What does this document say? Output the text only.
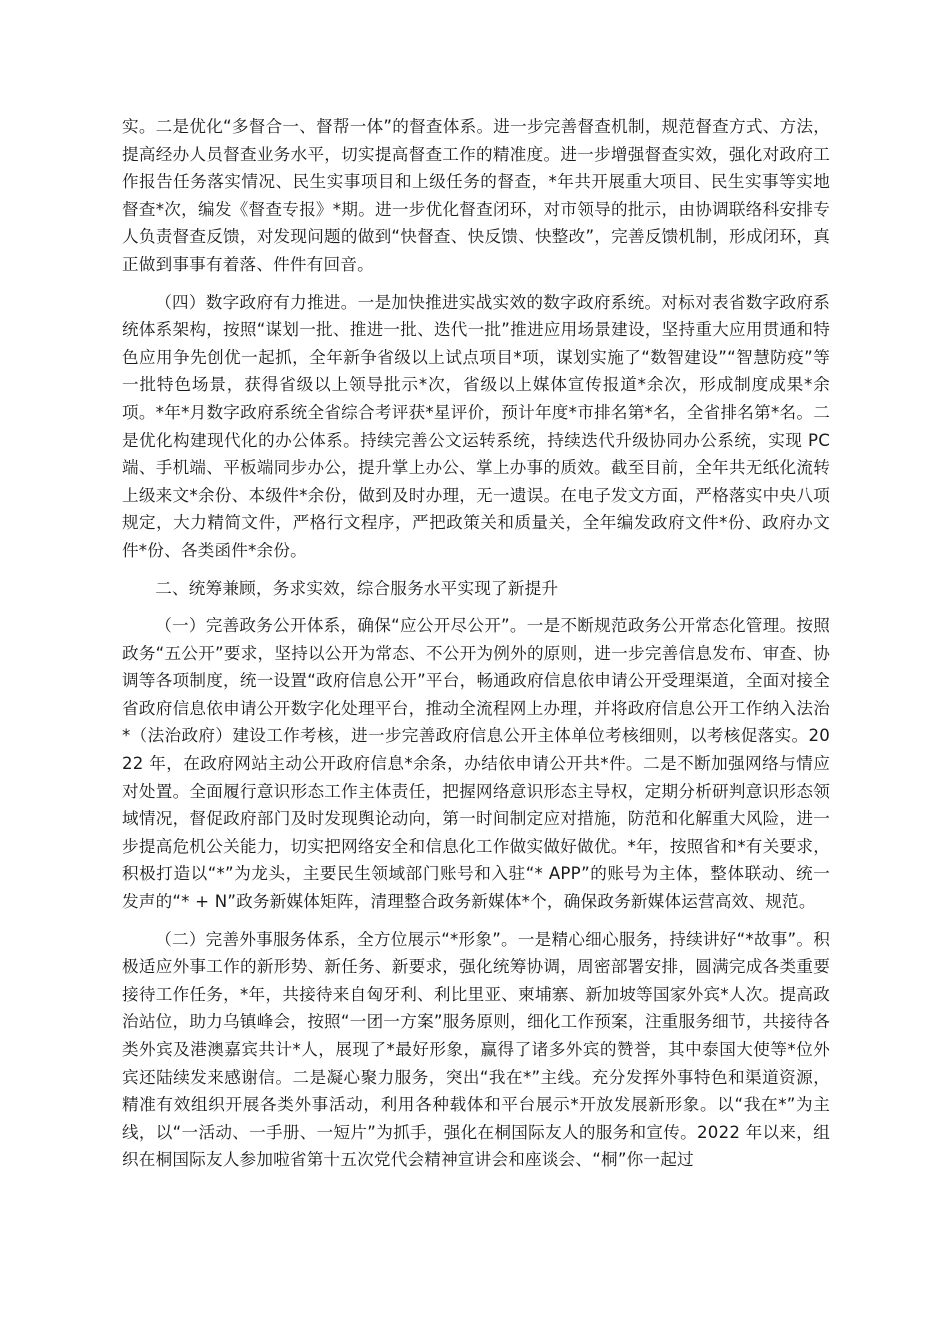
实。二是优化“多督合一、督帮一体”的督查体系。进一步完善督查机制，规范督查方式、方法，提高经办人员督查业务水平，切实提高督查工作的精准度。进一步增强督查实效，强化对政府工作报告任务落实情况、民生实事项目和上级任务的督查，*年共开展重大项目、民生实事等实地督查*次，编发《督查专报》*期。进一步优化督查闭环，对市领导的批示，由协调联络科安排专人负责督查反馈，对发现问题的做到“快督查、快反馈、快整改”，完善反馈机制，形成闭环，真正做到事事有着落、件件有回音。

（四）数字政府有力推进。一是加快推进实战实效的数字政府系统。对标对表省数字政府系统体系架构，按照“谋划一批、推进一批、迭代一批”推进应用场景建设，坚持重大应用贯通和特色应用争先创优一起抓，全年新争省级以上试点项目*项，谋划实施了“数智建设”“智慧防疫”等一批特色场景，获得省级以上领导批示*次，省级以上媒体宣传报道*余次，形成制度成果*余项。*年*月数字政府系统全省综合考评获*星评价，预计年度*市排名第*名，全省排名第*名。二是优化构建现代化的办公体系。持续完善公文运转系统，持续迭代升级协同办公系统，实现 PC 端、手机端、平板端同步办公，提升掌上办公、掌上办事的质效。截至目前，全年共无纸化流转上级来文*余份、本级件*余份，做到及时办理，无一遗误。在电子发文方面，严格落实中央八项规定，大力精简文件，严格行文程序，严把政策关和质量关，全年编发政府文件*份、政府办文件*份、各类函件*余份。

二、统筹兼顾，务求实效，综合服务水平实现了新提升

（一）完善政务公开体系，确保“应公开尽公开”。一是不断规范政务公开常态化管理。按照政务“五公开”要求，坚持以公开为常态、不公开为例外的原则，进一步完善信息发布、审查、协调等各项制度，统一设置“政府信息公开”平台，畅通政府信息依申请公开受理渠道，全面对接全省政府信息依申请公开数字化处理平台，推动全流程网上办理，并将政府信息公开工作纳入法治*（法治政府）建设工作考核，进一步完善政府信息公开主体单位考核细则，以考核促落实。2022 年，在政府网站主动公开政府信息*余条，办结依申请公开共*件。二是不断加强网络与情应对处置。全面履行意识形态工作主体责任，把握网络意识形态主导权，定期分析研判意识形态领域情况，督促政府部门及时发现舆论动向，第一时间制定应对措施，防范和化解重大风险，进一步提高危机公关能力，切实把网络安全和信息化工作做实做好做优。*年，按照省和*有关要求，积极打造以“*”为龙头，主要民生领域部门账号和入驻“* APP”的账号为主体，整体联动、统一发声的“* + N”政务新媒体矩阵，清理整合政务新媒体*个，确保政务新媒体运营高效、规范。

（二）完善外事服务体系，全方位展示“*形象”。一是精心细心服务，持续讲好“*故事”。积极适应外事工作的新形势、新任务、新要求，强化统筹协调，周密部署安排，圆满完成各类重要接待工作任务，*年，共接待来自匈牙利、利比里亚、柬埔寨、新加坡等国家外宾*人次。提高政治站位，助力乌镇峰会，按照“一团一方案”服务原则，细化工作预案，注重服务细节，共接待各类外宾及港澳嘉宾共计*人，展现了*最好形象，赢得了诸多外宾的赞誉，其中泰国大使等*位外宾还陆续发来感谢信。二是凝心聚力服务，突出“我在*”主线。充分发挥外事特色和渠道资源，精准有效组织开展各类外事活动，利用各种载体和平台展示*开放发展新形象。以“我在*”为主线，以“一活动、一手册、一短片”为抓手，强化在桐国际友人的服务和宣传。2022 年以来，组织在桐国际友人参加啦省第十五次党代会精神宣讲会和座谈会、“桐”你一起过
